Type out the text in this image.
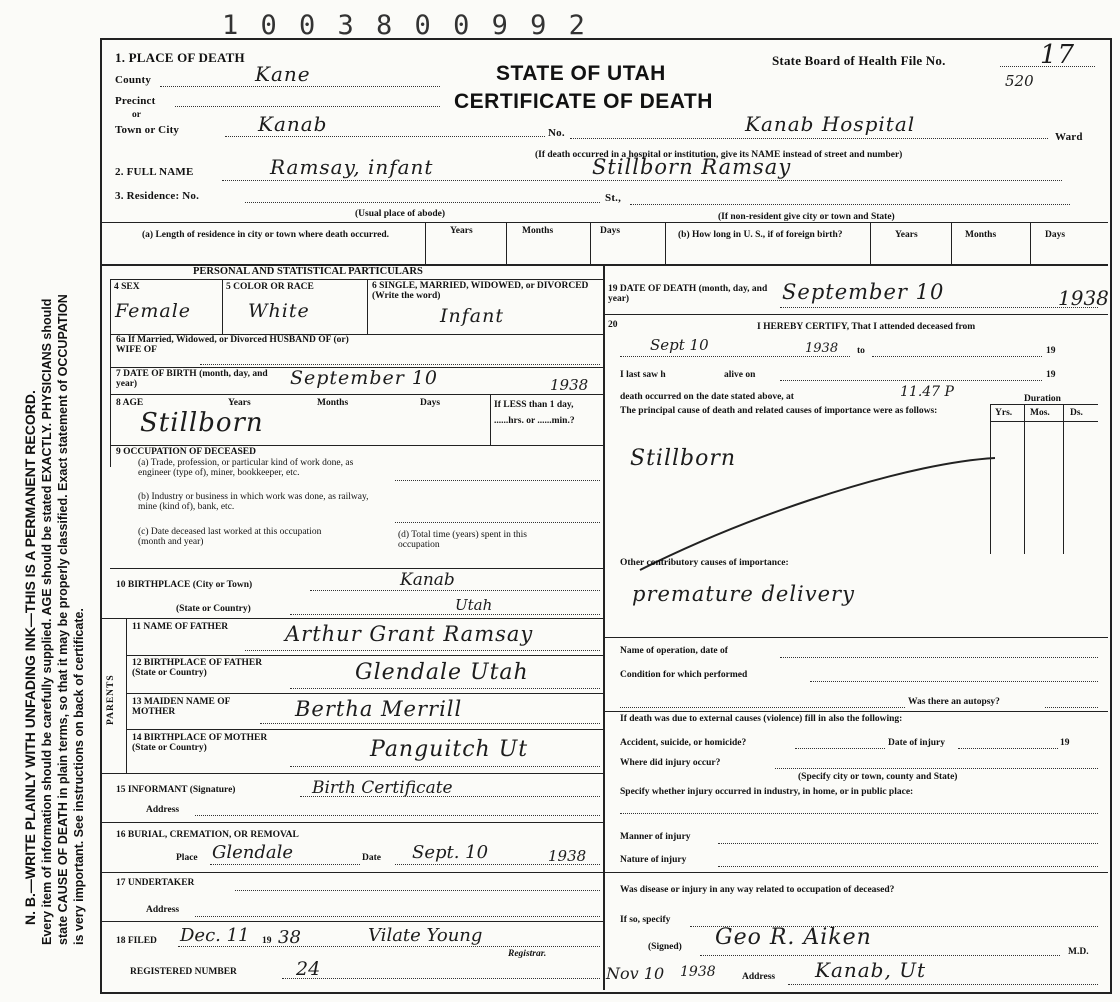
1 0 0 3 8 0 0 9 9 2
N. B.—WRITE PLAINLY WITH UNFADING INK—THIS IS A PERMANENT RECORD. Every item of information should be carefully supplied. AGE should be stated EXACTLY. PHYSICIANS should state CAUSE OF DEATH in plain terms, so that it may be properly classified. Exact statement of OCCUPATION is very important. See instructions on back of certificate.
1. PLACE OF DEATH
STATE OF UTAH
CERTIFICATE OF DEATH
State Board of Health File No.	17
520
County	Kane
Precinct
or
Town or City	Kanab	No.	Kanab Hospital
Ward
(If death occurred in a hospital or institution, give its NAME instead of street and number)
2. FULL NAME	Ramsay, infant	Stillborn Ramsay
3. Residence: No.	St.,
(Usual place of abode)	(If non-resident give city or town and State)
(a) Length of residence in city or town where death occurred.	(b) How long in U. S., if of foreign birth?
Years	Months	Days	Years	Months	Days
PERSONAL AND STATISTICAL PARTICULARS
4 SEX
Female
5 COLOR OR RACE
White
6 SINGLE, MARRIED, WIDOWED, or DIVORCED (Write the word)
Infant
6a If Married, Widowed, or Divorced HUSBAND OF (or) WIFE OF
7 DATE OF BIRTH (month, day, and year)	September 10	1938
8 AGE	Years	Months	Days
Stillborn
If LESS than 1 day, ......hrs. or ......min.?
9 OCCUPATION OF DECEASED
(a) Trade, profession, or particular kind of work done, as engineer (type of), miner, bookkeeper, etc.
(b) Industry or business in which work was done, as railway, mine (kind of), bank, etc.
(c) Date deceased last worked at this occupation (month and year)
(d) Total time (years) spent in this occupation
10 BIRTHPLACE (City or Town)	Kanab
(State or Country)	Utah
PARENTS
11 NAME OF FATHER	Arthur Grant Ramsay
12 BIRTHPLACE OF FATHER (State or Country)	Glendale Utah
13 MAIDEN NAME OF MOTHER	Bertha Merrill
14 BIRTHPLACE OF MOTHER (State or Country)	Panguitch Ut
15 INFORMANT (Signature)	Birth Certificate
Address
16 BURIAL, CREMATION, OR REMOVAL
Place Glendale	Date Sept. 10	1938
17 UNDERTAKER
Address
18 FILED Dec. 11 19 38	Vilate Young
Registrar.
REGISTERED NUMBER	24
19 DATE OF DEATH (month, day, and year)	September 10	1938
20	I HEREBY CERTIFY, That I attended deceased from
Sept 10	1938 to	19
I last saw h	alive on	19
death occurred on the date stated above, at	11.47 P	Duration
The principal cause of death and related causes of importance were as follows:	Yrs. Mos. Ds.
Stillborn
Other contributory causes of importance:
premature delivery
Name of operation, date of
Condition for which performed
Was there an autopsy?
If death was due to external causes (violence) fill in also the following:
Accident, suicide, or homicide?	Date of injury	19
Where did injury occur?
(Specify city or town, county and State)
Specify whether injury occurred in industry, in home, or in public place:
Manner of injury
Nature of injury
Was disease or injury in any way related to occupation of deceased?
If so, specify
(Signed) Geo R. Aiken
M.D.
Nov 10 1938	Address Kanab, Ut
